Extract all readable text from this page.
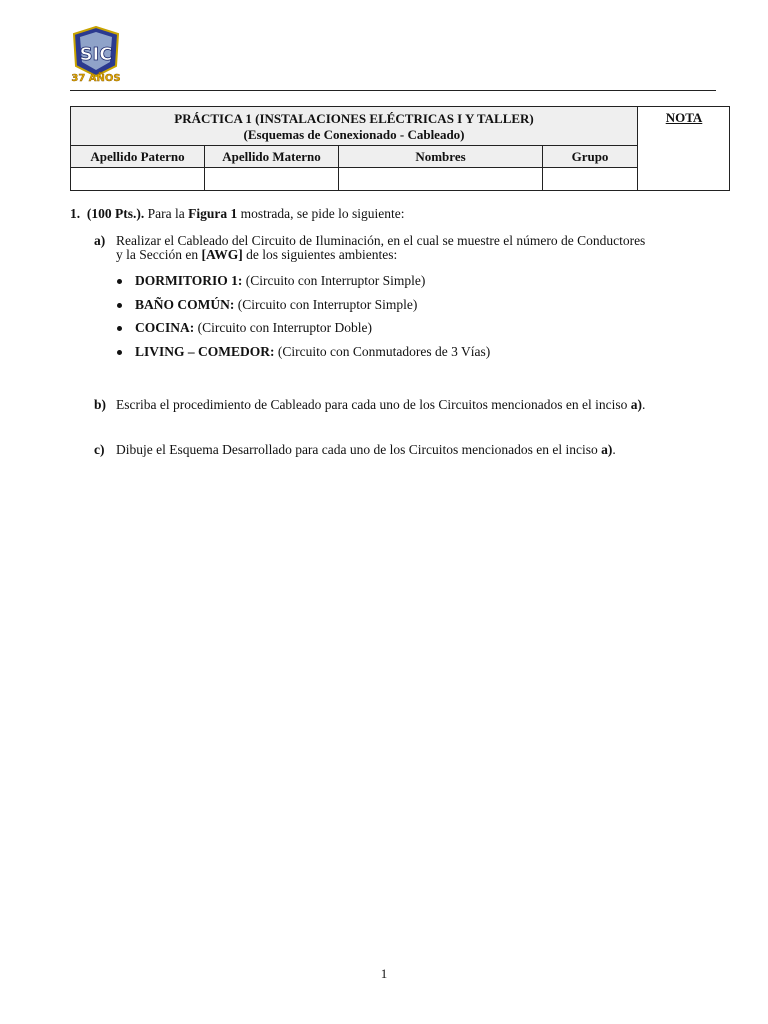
SIC
37 AÑOS
PRÁCTICA 1 (INSTALACIONES ELÉCTRICAS I Y TALLER)
(Esquemas de Conexionado - Cableado)
NOTA
Apellido Paterno	Apellido Materno	Nombres	Grupo
1. (100 Pts.). Para la Figura 1 mostrada, se pide lo siguiente:
a) Realizar el Cableado del Circuito de Iluminación, en el cual se muestre el número de Conductores
y la Sección en [AWG] de los siguientes ambientes:
DORMITORIO 1: (Circuito con Interruptor Simple)
BAÑO COMÚN: (Circuito con Interruptor Simple)
COCINA: (Circuito con Interruptor Doble)
LIVING – COMEDOR: (Circuito con Conmutadores de 3 Vías)
b) Escriba el procedimiento de Cableado para cada uno de los Circuitos mencionados en el inciso a).
c) Dibuje el Esquema Desarrollado para cada uno de los Circuitos mencionados en el inciso a).
1
